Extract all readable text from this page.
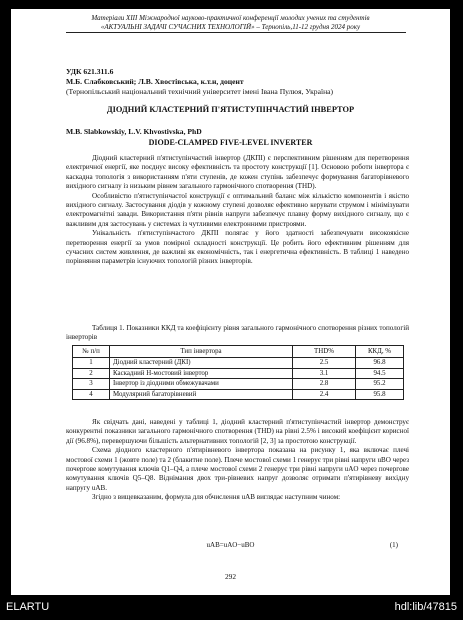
Матеріали ХІІІ Міжнародної науково-практичної конференції молодих учених та студентів
«АКТУАЛЬНІ ЗАДАЧІ СУЧАСНИХ ТЕХНОЛОГІЙ» – Тернопіль,11-12 грудня 2024 року
УДК 621.311.6
М.Б. Слабковський; Л.В. Хвостівська, к.т.н, доцент
(Тернопільський національний технічний університет імені Івана Пулюя, Україна)
ДІОДНИЙ КЛАСТЕРНИЙ П'ЯТИСТУПІНЧАСТИЙ ІНВЕРТОР
M.B. Slabkowskiy, L.V. Khvostivska, PhD
DIODE-CLAMPED FIVE-LEVEL INVERTER

Діодний кластерний п'ятиступінчастий інвертор (ДКПІ) є перспективним рішенням для перетворення електричної енергії, яке поєднує високу ефективність та простоту конструкції [1]. Основою роботи інвертора є каскадна топологія з використанням п'яти ступенів, де кожен ступінь забезпечує формування багаторівневого вихідного сигналу із низьким рівнем загального гармонічного спотворення (THD).

Особливістю п'ятиступінчастої конструкції є оптимальний баланс між кількістю компонентів і якістю вихідного сигналу. Застосування діодів у кожному ступені дозволяє ефективно керувати струмом і мінімізувати електромагнітні завади. Використання п'яти рівнів напруги забезпечує плавну форму вихідного сигналу, що є важливим для застосувань у системах із чутливими електронними пристроями.

Унікальність п'ятиступінчастого ДКПІ полягає у його здатності забезпечувати високоякісне перетворення енергії за умов помірної складності конструкції. Це робить його ефективним рішенням для сучасних систем живлення, де важливі як економічність, так і енергетична ефективність. В таблиці 1 наведено порівняння параметрів існуючих топологій різних інверторів.

Таблиця 1. Показники ККД та коефіцієнту рівня загального гармонічного спотворення різних топологій інверторів
№ п/п	Тип інвертора	THD%	ККД, %
1	Діодний кластерний (ДКІ)	2.5	96.8
2	Каскадний Н-мостовий інвертор	3.1	94.5
3	Інвертор із діодними обмежувачами	2.8	95.2
4	Модулярний багаторівневий	2.4	95.8

Як свідчать дані, наведені у таблиці 1, діодний кластерний п'ятиступінчастий інвертор демонструє конкурентні показники загального гармонічного спотворення (THD) на рівні 2.5% і високий коефіцієнт корисної дії (96.8%), перевершуючи більшість альтернативних топологій [2, 3] за простотою конструкції.

Схема діодного кластерного п'ятирівневого інвертора показана на рисунку 1, яка включає плечі мостової схеми 1 (жовте поле) та 2 (блакитне поле). Плече мостової схеми 1 генерує три рівні напруги uBO через почергове комутування ключів Q1–Q4, а плече мостової схеми 2 генерує три рівні напруги uAO через почергове комутування ключів Q5–Q8. Віднімання двох три-рівневих напруг дозволяє отримати п'ятирівневу вихідну напругу uAB.

Згідно з вищевказаним, формула для обчислення uAB виглядає наступним чином:

uAB=uAO−uBO	(1)
292
ELARTU	hdl:lib/47815
